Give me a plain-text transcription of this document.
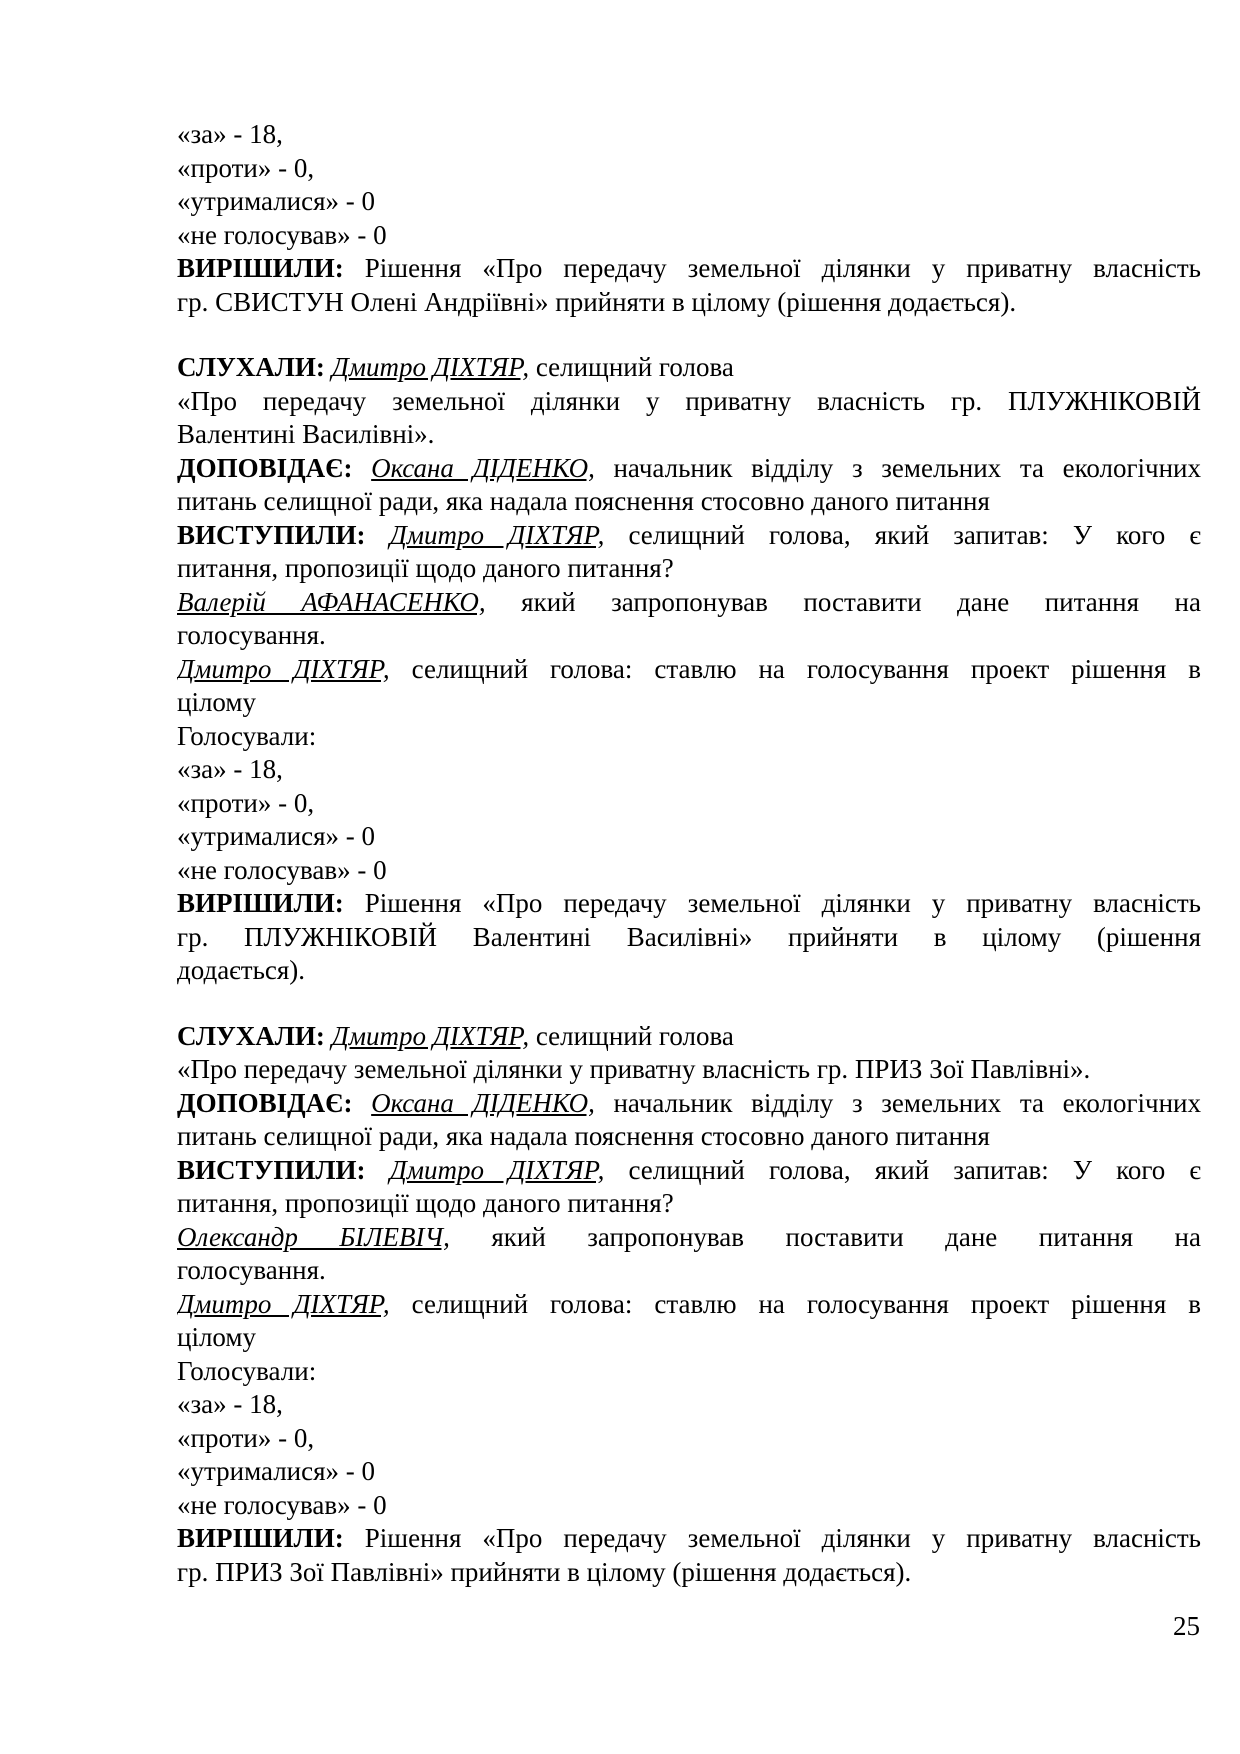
«за» - 18,
«проти» - 0,
«утрималися» - 0
«не голосував» - 0
ВИРІШИЛИ: Рішення «Про передачу земельної ділянки у приватну власність
гр. СВИСТУН Олені Андріївні» прийняти в цілому (рішення додається).
СЛУХАЛИ: Дмитро ДІХТЯР, селищний голова
«Про передачу земельної ділянки у приватну власність гр. ПЛУЖНІКОВІЙ
Валентині Василівні».
ДОПОВІДАЄ: Оксана ДІДЕНКО, начальник відділу з земельних та екологічних
питань селищної ради, яка надала пояснення стосовно даного питання
ВИСТУПИЛИ: Дмитро ДІХТЯР, селищний голова, який запитав: У кого є
питання, пропозиції щодо даного питання?
Валерій АФАНАСЕНКО, який запропонував поставити дане питання на
голосування.
Дмитро ДІХТЯР, селищний голова: ставлю на голосування проект рішення в
цілому
Голосували:
«за» - 18,
«проти» - 0,
«утрималися» - 0
«не голосував» - 0
ВИРІШИЛИ: Рішення «Про передачу земельної ділянки у приватну власність
гр. ПЛУЖНІКОВІЙ Валентині Василівні» прийняти в цілому (рішення
додається).
СЛУХАЛИ: Дмитро ДІХТЯР, селищний голова
«Про передачу земельної ділянки у приватну власність гр. ПРИЗ Зої Павлівні».
ДОПОВІДАЄ: Оксана ДІДЕНКО, начальник відділу з земельних та екологічних
питань селищної ради, яка надала пояснення стосовно даного питання
ВИСТУПИЛИ: Дмитро ДІХТЯР, селищний голова, який запитав: У кого є
питання, пропозиції щодо даного питання?
Олександр БІЛЕВІЧ, який запропонував поставити дане питання на
голосування.
Дмитро ДІХТЯР, селищний голова: ставлю на голосування проект рішення в
цілому
Голосували:
«за» - 18,
«проти» - 0,
«утрималися» - 0
«не голосував» - 0
ВИРІШИЛИ: Рішення «Про передачу земельної ділянки у приватну власність
гр. ПРИЗ Зої Павлівні» прийняти в цілому (рішення додається).
25
